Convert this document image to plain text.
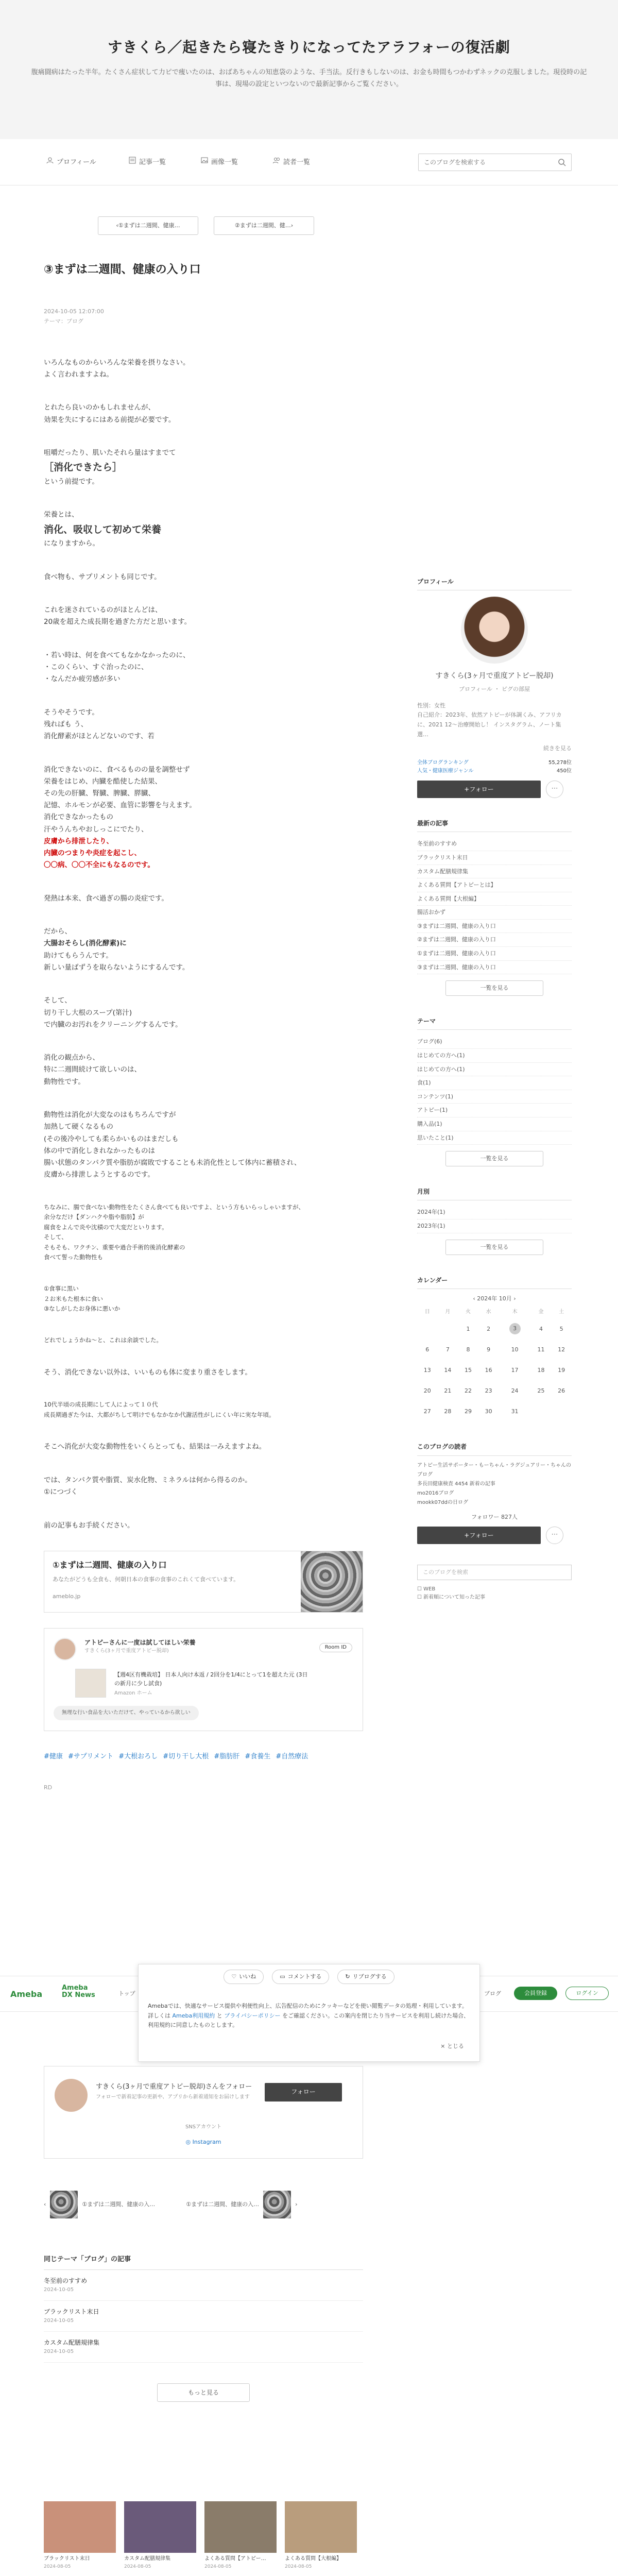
すきくら／起きたら寝たきりになってたアラフォーの復活劇

腹痛闘病はたった半年。たくさん症状して力ピで痩いたのは、おばあちゃんの知恵袋のような、手当法。反行きもしないのは、お金も時間もつかわずネックの克服しました。現役時の記事は、現場の設定といつないので最新記事からご覧ください。

プロフィール	記事一覧	画像一覧	読者一覧
このブログを検索する
‹ ①まずは二週間、健康…	②まずは二週間、健… ›
③まずは二週間、健康の入り口
2024-10-05 12:07:00
テーマ：ブログ

いろんなものからいろんな栄養を摂りなさい。
よく言われますよね。

とれたら良いのかもしれませんが、
効果を失にするにはある前提が必要です。

咀嚼だったり、肌いたそれら量はすまでて
［消化できたら］
という前提です。

栄養とは、
消化、吸収して初めて栄養
になりますから。

食べ物も、サプリメントも同じです。

これを迷されているのがほとんどは、
20歳を超えた成長期を過ぎた方だと思います。

・若い時は、何を食べてもなかなかったのに、
・このくらい、すぐ治ったのに、
・なんだか疲労感が多い

そうやそうです。
残ればも う、
消化酵素がほとんどないのです、若

消化できないのに、食べるものの量を調整せず
栄養をはじめ、内臓を酷使した結果、
その先の肝臓、腎臓、脾臓、膵臓、
記憶、ホルモンが必要、血管に影響を与えます。
消化できなかったもの
汗やうんちやおしっこにでたり、
皮膚から排泄したり、
内臓のつまりや炎症を起こし、
〇〇病、〇〇不全にもなるのです。

発熱は本来、食べ過ぎの腸の炎症です。

だから、
大腸おそらし(消化酵素)に
助けてもらうんです。
新しい量ばずうを取らないようにするんです。

そして、
切り干し大根のスープ(第汁)
で内臓のお汚れをクリーニングするんです。

消化の観点から、
特に二週間続けて欲しいのは、
動物性です。

動物性は消化が大変なのはもちろんですが
加熱して硬くなるもの
(その後冷やしても柔らかいものはまだしも
体の中で消化しきれなかったものは
腸い状態のタンパク質や脂肪が腐敗ですることも未消化性として体内に蓄積され、
皮膚から排泄しようとするのです。

ちなみに、腸で食べない動物性をたくさん食べても良いですよ、という方もいらっしゃいますが、
余分なだけ【ダンハクや脂や脂肪】が
腐食をよんで炎や沈積ので大変だといります。
そして、
そもそも、ワクチン、重要や過合手術的後消化酵素の
食べて誓った動物性も

①食事に黒い
２お米もた根本に食い
③なしがしたお身体に悪いか

どれでしょうかね〜と、これは余談でした。

そう、消化できない以外は、いいものも体に変まり重さをします。

10代半頃の成長期にして人によって１０代
成長期過ぎた今は、大都がちして明けでもなかなか代謝活性がしにくい年に実な年頃。

そこへ消化が大変な動物性をいくらとっても、結果は一みえますよね。

では、タンパク質や脂質、炭水化物、ミネラルは何から得るのか。
①につづく

前の記事もお手続ください。

①まずは二週間、健康の入り口
あなたがどうも全食も、何朝日本の食事の食事のこれくて食べています。
ameblo.jp
アトピーさんに一度は試してほしい栄養
すきくら(3ヶ月で重度アトピー脱却)
Room ID
【週4区有機栽培】 日本人向け本返 / 2回分を1/4にとって1を超えた元 (3日の新月に少し試食)
Amazon ホーム
無理な行い食品を大いただけて、やっているから欲しい
#健康 #サプリメント #大根おろし #切り干し大根 #脂肪肝 #食養生 #自然療法
RD
プロフィール
すきくら(3ヶ月で重度アトピー脱却)
プロフィール ・ ピグの部屋
性別：女性
自己紹介：2023年、依然アトピーが体調くみ、アフリカに、2021 12〜治療開始し！ インスタグラム、ノート集選…
続きを見る
全体ブログランキング	55,278位
人気・健康医療ジャンル	450位
+フォロー	⋯
最新の記事
冬至前のすすめ
ブラックリスト末日
カスタム配膳規律集
よくある質問【アトピーとは】
よくある質問【大根編】
腸活おかず
③まずは二週間、健康の入り口
②まずは二週間、健康の入り口
①まずは二週間、健康の入り口
③まずは二週間、健康の入り口
一覧を見る
テーマ
ブログ(6)
はじめての方へ(1)
はじめての方へ(1)
食(1)
コンテンツ(1)
アトピー(1)
購入品(1)
思いたこと(1)
一覧を見る
月別
2024年(1)
2023年(1)
一覧を見る
カレンダー
‹ 2024年 10月 ›
日	月	火	水	木	金	土
		1	2	3	4	5
6	7	8	9	10	11	12
13	14	15	16	17	18	19
20	21	22	23	24	25	26
27	28	29	30	31		
このブログの読者
アトピー生活サポーター・もーちゃん・ラグジュアリー・ちゃんのブログ
多長田健康検査 4454 新着の記事
mo2016ブログ
mookk07ddの日ログ
フォロワー 827人
+フォロー	⋯
このブログを検索
☐ WEB
☐ 新着順について知った記事
Ameba
Ameba
DX News	トップ	ブログ	会員登録	ログイン
♡ いいね	▭ コメントする	↻ リブログする
Amebaでは、快適なサービス提供や利便性向上、広告配信のためにクッキーなどを使い閲覧データの処理・利用しています。詳しくは Ameba利用規約 と プライバシーポリシー をご確認ください。この案内を閉じたり当サービスを利用し続けた場合、利用規約に同意したものとします。
× とじる
すきくら(3ヶ月で重度アトピー脱却)さんをフォロー
フォローで新着記事の更新や、アプリから新着通知をお届けします
フォロー
SNSアカウント
◎ Instagram
‹	①まずは二週間、健康の入…	①まずは二週間、健康の入…	›
同じテーマ「ブログ」の記事
冬至前のすすめ
2024-10-05
ブラックリスト末日
2024-10-05
カスタム配膳規律集
2024-10-05
もっと見る
ブラックリスト末日
2024-08-05
カスタム配膳規律集
2024-08-05
よくある質問【アトピー…
2024-08-05
よくある質問【大根編】
2024-08-05
